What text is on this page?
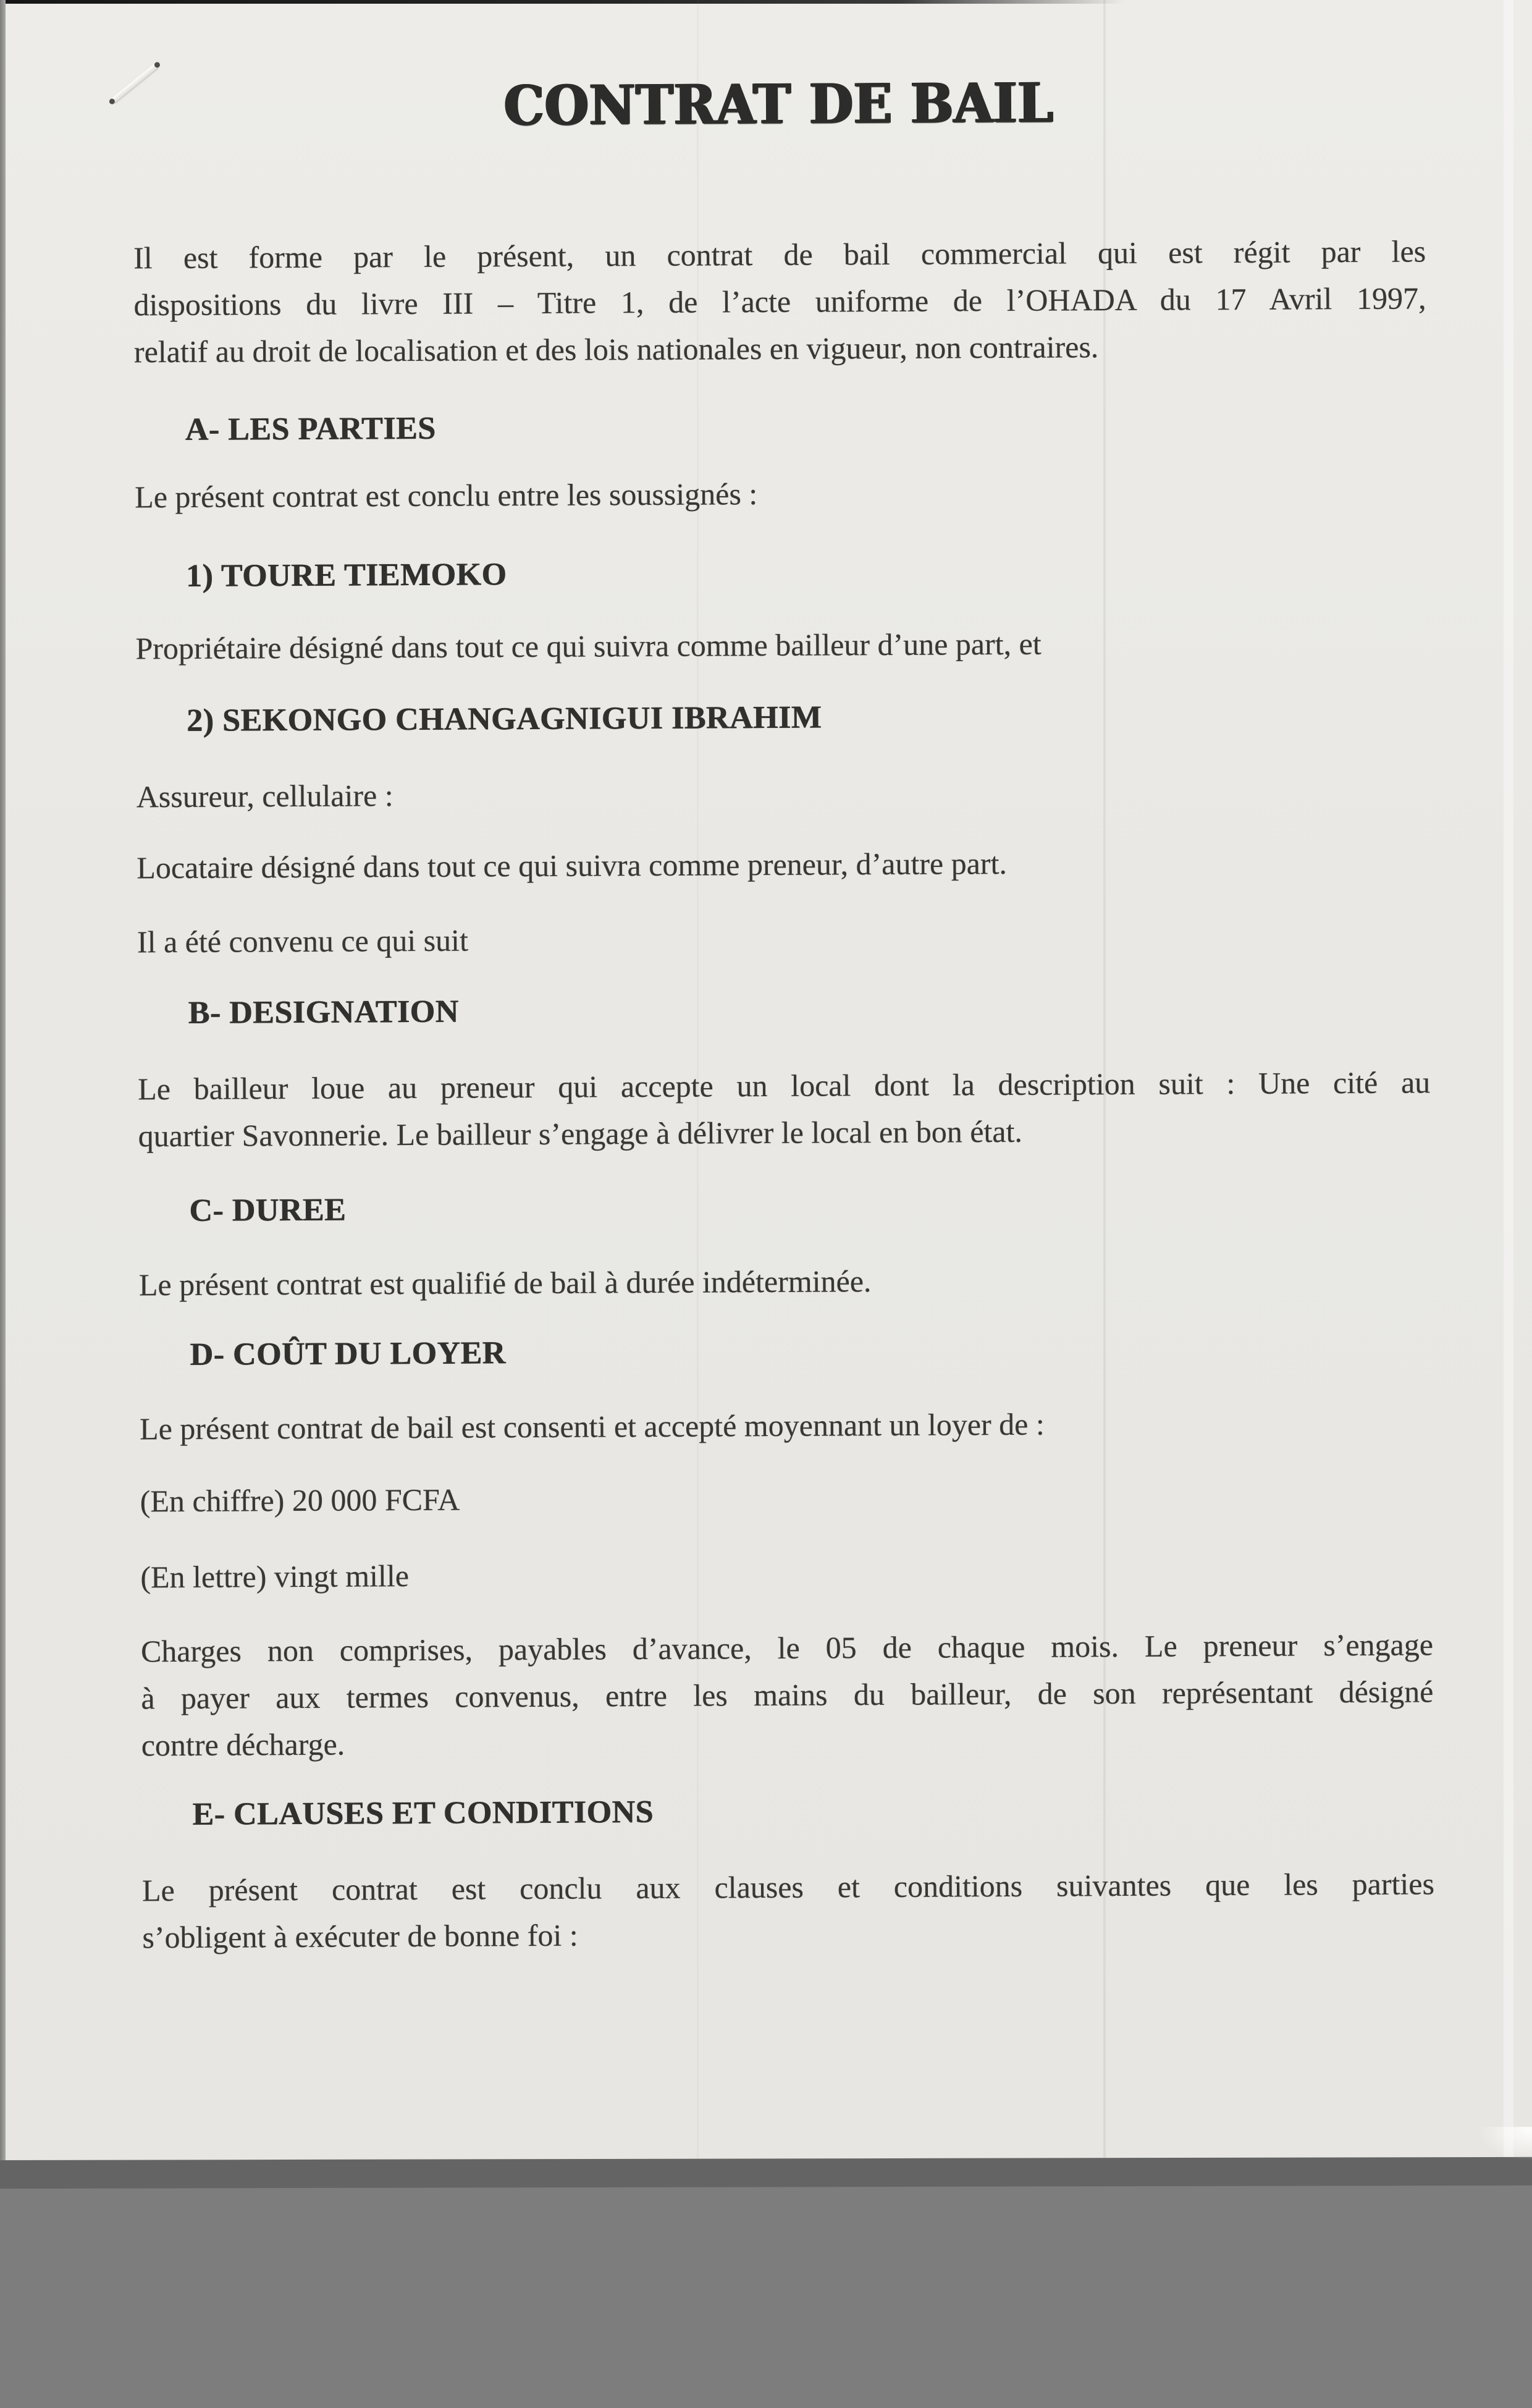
CONTRAT DE BAIL
Il est forme par le présent, un contrat de bail commercial qui est régit par les
dispositions du livre III – Titre 1, de l’acte uniforme de l’OHADA du 17 Avril 1997,
relatif au droit de localisation et des lois nationales en vigueur, non contraires.
A- LES PARTIES
Le présent contrat est conclu entre les soussignés :
1) TOURE TIEMOKO
Propriétaire désigné dans tout ce qui suivra comme bailleur d’une part, et
2) SEKONGO CHANGAGNIGUI IBRAHIM
Assureur, cellulaire :
Locataire désigné dans tout ce qui suivra comme preneur, d’autre part.
Il a été convenu ce qui suit
B- DESIGNATION
Le bailleur loue au preneur qui accepte un local dont la description suit : Une cité au
quartier Savonnerie. Le bailleur s’engage à délivrer le local en bon état.
C- DUREE
Le présent contrat est qualifié de bail à durée indéterminée.
D- COÛT DU LOYER
Le présent contrat de bail est consenti et accepté moyennant un loyer de :
(En chiffre) 20 000 FCFA
(En lettre) vingt mille
Charges non comprises, payables d’avance, le 05 de chaque mois. Le preneur s’engage
à payer aux termes convenus, entre les mains du bailleur, de son représentant désigné
contre décharge.
E- CLAUSES ET CONDITIONS
Le présent contrat est conclu aux clauses et conditions suivantes que les parties
s’obligent à exécuter de bonne foi :
